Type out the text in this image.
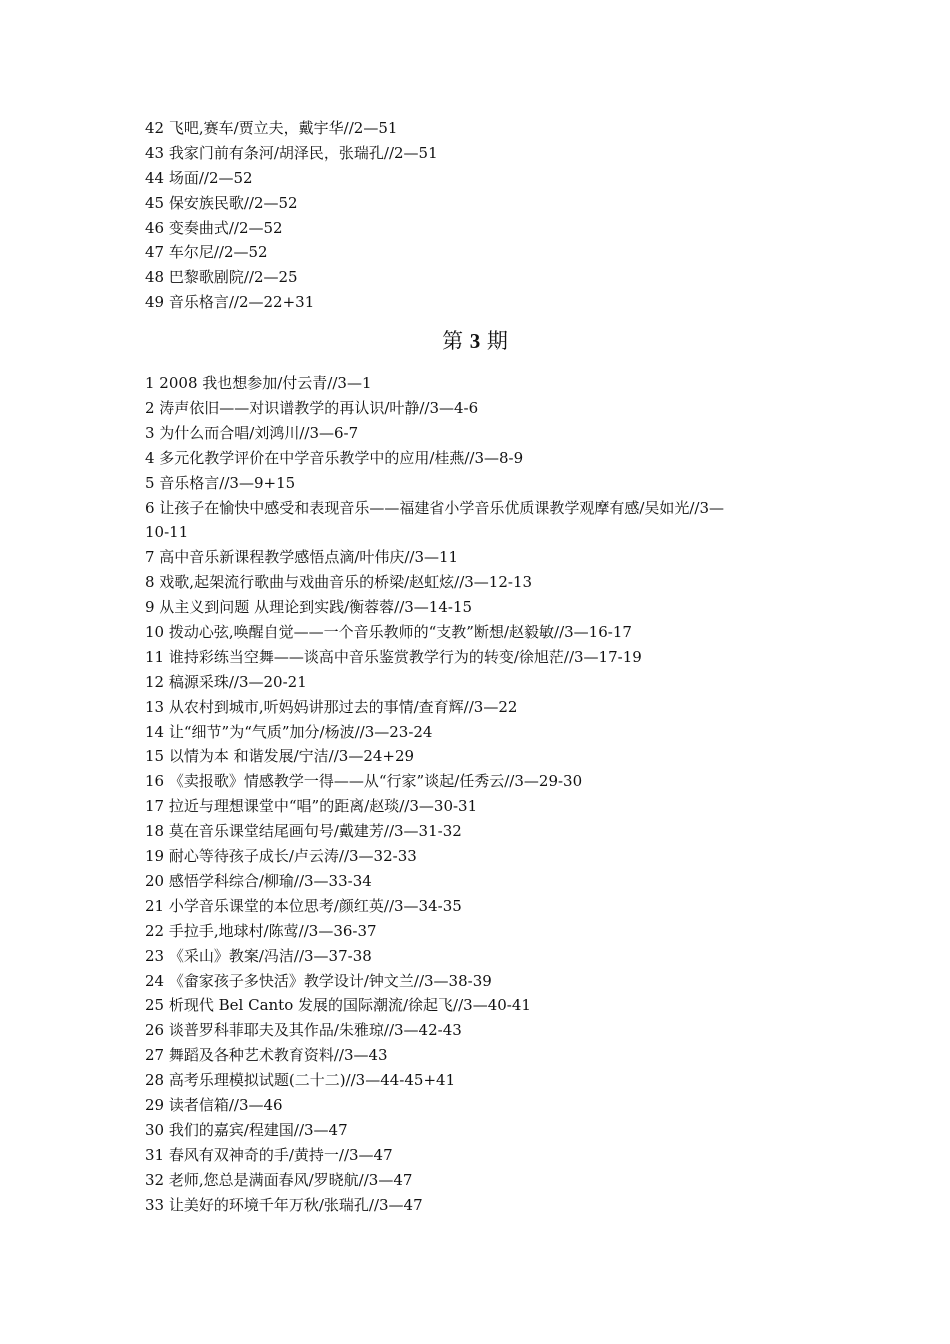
42 飞吧,赛车/贾立夫，戴宇华//2—51
43 我家门前有条河/胡泽民，张瑞孔//2—51
44 场面//2—52
45 保安族民歌//2—52
46 变奏曲式//2—52
47 车尔尼//2—52
48 巴黎歌剧院//2—25
49 音乐格言//2—22+31
第 3 期
1 2008 我也想参加/付云青//3—1
2 涛声依旧——对识谱教学的再认识/叶静//3—4-6
3 为什么而合唱/刘鸿川//3—6-7
4 多元化教学评价在中学音乐教学中的应用/桂燕//3—8-9
5 音乐格言//3—9+15
6 让孩子在愉快中感受和表现音乐——福建省小学音乐优质课教学观摩有感/吴如光//3—
10-11
7 高中音乐新课程教学感悟点滴/叶伟庆//3—11
8 戏歌,起架流行歌曲与戏曲音乐的桥梁/赵虹炫//3—12-13
9 从主义到问题 从理论到实践/衡蓉蓉//3—14-15
10 拨动心弦,唤醒自觉——一个音乐教师的“支教”断想/赵毅敏//3—16-17
11 谁持彩练当空舞——谈高中音乐鉴赏教学行为的转变/徐旭茫//3—17-19
12 稿源采珠//3—20-21
13 从农村到城市,听妈妈讲那过去的事情/查育辉//3—22
14 让“细节”为“气质”加分/杨波//3—23-24
15 以情为本 和谐发展/宁洁//3—24+29
16 《卖报歌》情感教学一得——从“行家”谈起/任秀云//3—29-30
17 拉近与理想课堂中“唱”的距离/赵琰//3—30-31
18 莫在音乐课堂结尾画句号/戴建芳//3—31-32
19 耐心等待孩子成长/卢云涛//3—32-33
20 感悟学科综合/柳瑜//3—33-34
21 小学音乐课堂的本位思考/颜红英//3—34-35
22 手拉手,地球村/陈莺//3—36-37
23 《采山》教案/冯洁//3—37-38
24 《畲家孩子多快活》教学设计/钟文兰//3—38-39
25 析现代 Bel Canto 发展的国际潮流/徐起飞//3—40-41
26 谈普罗科菲耶夫及其作品/朱雅琼//3—42-43
27 舞蹈及各种艺术教育资料//3—43
28 高考乐理模拟试题(二十二)//3—44-45+41
29 读者信箱//3—46
30 我们的嘉宾/程建国//3—47
31 春风有双神奇的手/黄持一//3—47
32 老师,您总是满面春风/罗晓航//3—47
33 让美好的环境千年万秋/张瑞孔//3—47
